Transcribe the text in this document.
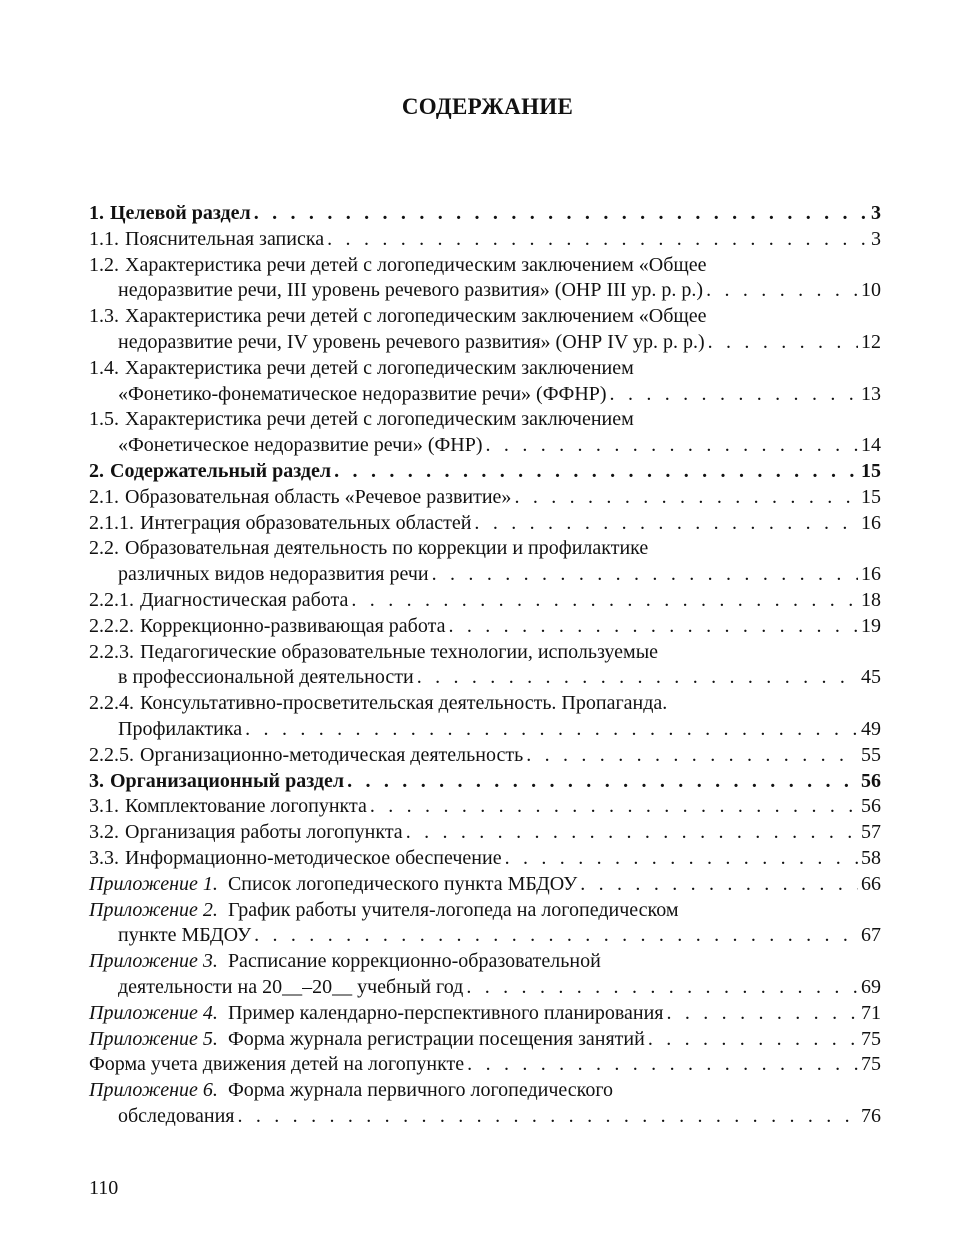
СОДЕРЖАНИЕ
1. Целевой раздел . . .	3
1.1. Пояснительная записка . . .	3
1.2. Характеристика речи детей с логопедическим заключением «Общее
недоразвитие речи, III уровень речевого развития» (ОНР III ур. р. р.) . . .	10
1.3. Характеристика речи детей с логопедическим заключением «Общее
недоразвитие речи, IV уровень речевого развития» (ОНР IV ур. р. р.) . . .	12
1.4. Характеристика речи детей с логопедическим заключением
«Фонетико-фонематическое недоразвитие речи» (ФФНР) . . .	13
1.5. Характеристика речи детей с логопедическим заключением
«Фонетическое недоразвитие речи» (ФНР) . . .	14
2. Содержательный раздел . . .	15
2.1. Образовательная область «Речевое развитие» . . .	15
2.1.1. Интеграция образовательных областей . . .	16
2.2. Образовательная деятельность по коррекции и профилактике
различных видов недоразвития речи . . .	16
2.2.1. Диагностическая работа . . .	18
2.2.2. Коррекционно-развивающая работа . . .	19
2.2.3. Педагогические образовательные технологии, используемые
в профессиональной деятельности . . .	45
2.2.4. Консультативно-просветительская деятельность. Пропаганда.
Профилактика . . .	49
2.2.5. Организационно-методическая деятельность . . .	55
3. Организационный раздел . . .	56
3.1. Комплектование логопункта . . .	56
3.2. Организация работы логопункта . . .	57
3.3. Информационно-методическое обеспечение . . .	58
Приложение 1. Список логопедического пункта МБДОУ . . .	66
Приложение 2. График работы учителя-логопеда на логопедическом
пункте МБДОУ . . .	67
Приложение 3. Расписание коррекционно-образовательной
деятельности на 20__–20__ учебный год . . .	69
Приложение 4. Пример календарно-перспективного планирования . . .	71
Приложение 5. Форма журнала регистрации посещения занятий . . .	75
Форма учета движения детей на логопункте . . .	75
Приложение 6. Форма журнала первичного логопедического
обследования . . .	76
110
